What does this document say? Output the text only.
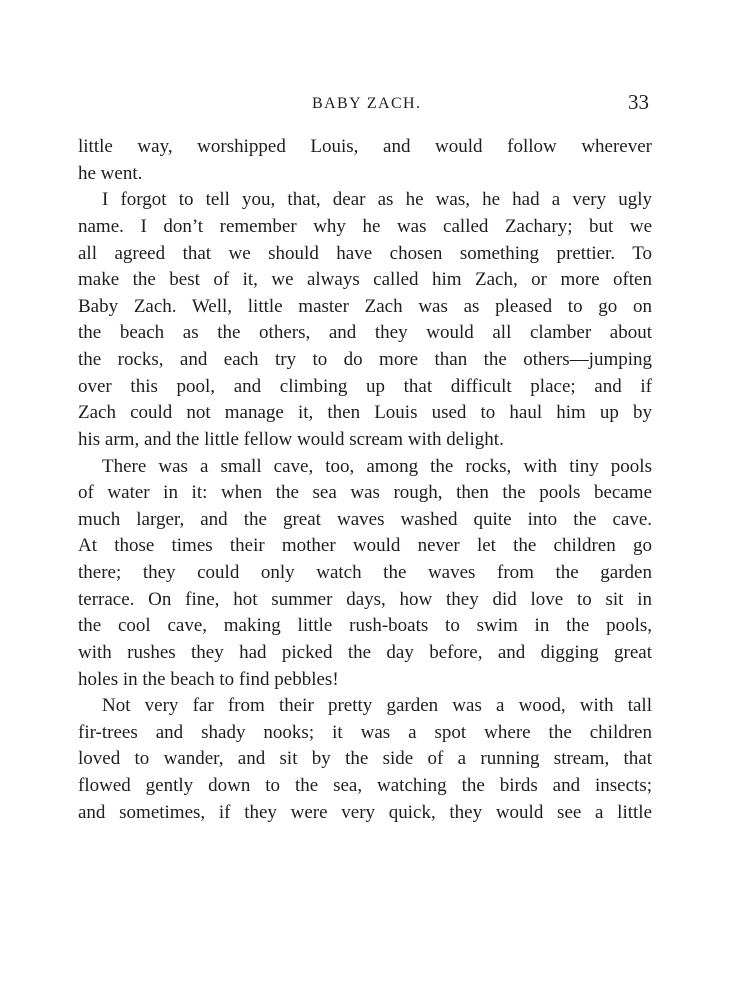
BABY ZACH.	33
little way, worshipped Louis, and would follow wherever
he went.
I forgot to tell you, that, dear as he was, he had a very ugly
name. I don’t remember why he was called Zachary; but we
all agreed that we should have chosen something prettier. To
make the best of it, we always called him Zach, or more often
Baby Zach. Well, little master Zach was as pleased to go on
the beach as the others, and they would all clamber about
the rocks, and each try to do more than the others—jumping
over this pool, and climbing up that difficult place; and if
Zach could not manage it, then Louis used to haul him up by
his arm, and the little fellow would scream with delight.
There was a small cave, too, among the rocks, with tiny pools
of water in it: when the sea was rough, then the pools became
much larger, and the great waves washed quite into the cave.
At those times their mother would never let the children go
there; they could only watch the waves from the garden
terrace. On fine, hot summer days, how they did love to sit in
the cool cave, making little rush-boats to swim in the pools,
with rushes they had picked the day before, and digging great
holes in the beach to find pebbles!
Not very far from their pretty garden was a wood, with tall
fir-trees and shady nooks; it was a spot where the children
loved to wander, and sit by the side of a running stream, that
flowed gently down to the sea, watching the birds and insects;
and sometimes, if they were very quick, they would see a little
